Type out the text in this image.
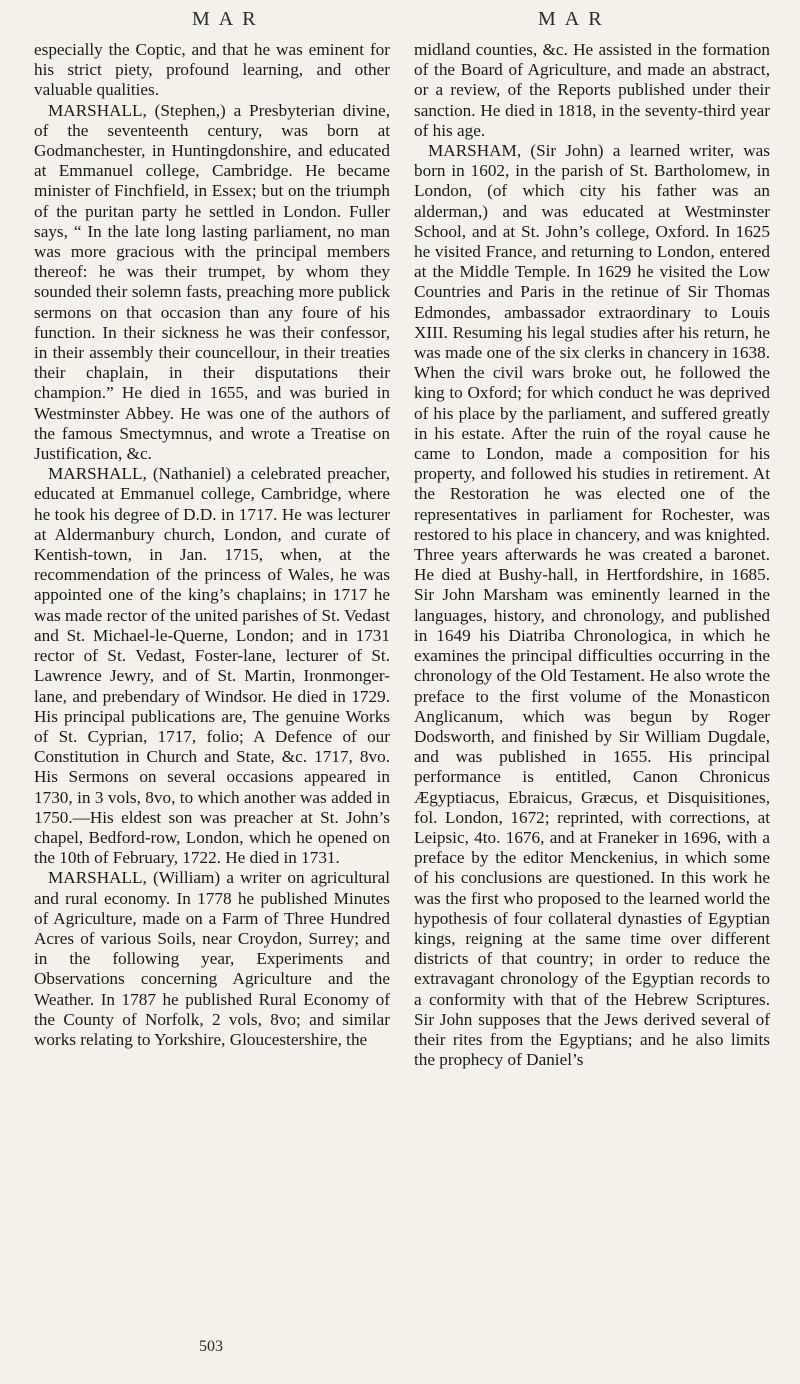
MAR	MAR

especially the Coptic, and that he was eminent for his strict piety, profound learning, and other valuable qualities.

MARSHALL, (Stephen,) a Presbyterian divine, of the seventeenth century, was born at Godmanchester, in Huntingdonshire, and educated at Emmanuel college, Cambridge. He became minister of Finchfield, in Essex; but on the triumph of the puritan party he settled in London. Fuller says, “ In the late long lasting parliament, no man was more gracious with the principal members thereof: he was their trumpet, by whom they sounded their solemn fasts, preaching more publick sermons on that occasion than any foure of his function. In their sickness he was their confessor, in their assembly their councellour, in their treaties their chaplain, in their disputations their champion.” He died in 1655, and was buried in Westminster Abbey. He was one of the authors of the famous Smectymnus, and wrote a Treatise on Justification, &c.

MARSHALL, (Nathaniel) a celebrated preacher, educated at Emmanuel college, Cambridge, where he took his degree of D.D. in 1717. He was lecturer at Aldermanbury church, London, and curate of Kentish-town, in Jan. 1715, when, at the recommendation of the princess of Wales, he was appointed one of the king’s chaplains; in 1717 he was made rector of the united parishes of St. Vedast and St. Michael-le-Querne, London; and in 1731 rector of St. Vedast, Foster-lane, lecturer of St. Lawrence Jewry, and of St. Martin, Ironmonger-lane, and prebendary of Windsor. He died in 1729. His principal publications are, The genuine Works of St. Cyprian, 1717, folio; A Defence of our Constitution in Church and State, &c. 1717, 8vo. His Sermons on several occasions appeared in 1730, in 3 vols, 8vo, to which another was added in 1750.—His eldest son was preacher at St. John’s chapel, Bedford-row, London, which he opened on the 10th of February, 1722. He died in 1731.

MARSHALL, (William) a writer on agricultural and rural economy. In 1778 he published Minutes of Agriculture, made on a Farm of Three Hundred Acres of various Soils, near Croydon, Surrey; and in the following year, Experiments and Observations concerning Agriculture and the Weather. In 1787 he published Rural Economy of the County of Norfolk, 2 vols, 8vo; and similar works relating to Yorkshire, Gloucestershire, the

midland counties, &c. He assisted in the formation of the Board of Agriculture, and made an abstract, or a review, of the Reports published under their sanction. He died in 1818, in the seventy-third year of his age.

MARSHAM, (Sir John) a learned writer, was born in 1602, in the parish of St. Bartholomew, in London, (of which city his father was an alderman,) and was educated at Westminster School, and at St. John’s college, Oxford. In 1625 he visited France, and returning to London, entered at the Middle Temple. In 1629 he visited the Low Countries and Paris in the retinue of Sir Thomas Edmondes, ambassador extraordinary to Louis XIII. Resuming his legal studies after his return, he was made one of the six clerks in chancery in 1638. When the civil wars broke out, he followed the king to Oxford; for which conduct he was deprived of his place by the parliament, and suffered greatly in his estate. After the ruin of the royal cause he came to London, made a composition for his property, and followed his studies in retirement. At the Restoration he was elected one of the representatives in parliament for Rochester, was restored to his place in chancery, and was knighted. Three years afterwards he was created a baronet. He died at Bushy-hall, in Hertfordshire, in 1685. Sir John Marsham was eminently learned in the languages, history, and chronology, and published in 1649 his Diatriba Chronologica, in which he examines the principal difficulties occurring in the chronology of the Old Testament. He also wrote the preface to the first volume of the Monasticon Anglicanum, which was begun by Roger Dodsworth, and finished by Sir William Dugdale, and was published in 1655. His principal performance is entitled, Canon Chronicus Ægyptiacus, Ebraicus, Græcus, et Disquisitiones, fol. London, 1672; reprinted, with corrections, at Leipsic, 4to. 1676, and at Franeker in 1696, with a preface by the editor Menckenius, in which some of his conclusions are questioned. In this work he was the first who proposed to the learned world the hypothesis of four collateral dynasties of Egyptian kings, reigning at the same time over different districts of that country; in order to reduce the extravagant chronology of the Egyptian records to a conformity with that of the Hebrew Scriptures. Sir John supposes that the Jews derived several of their rites from the Egyptians; and he also limits the prophecy of Daniel’s

503
